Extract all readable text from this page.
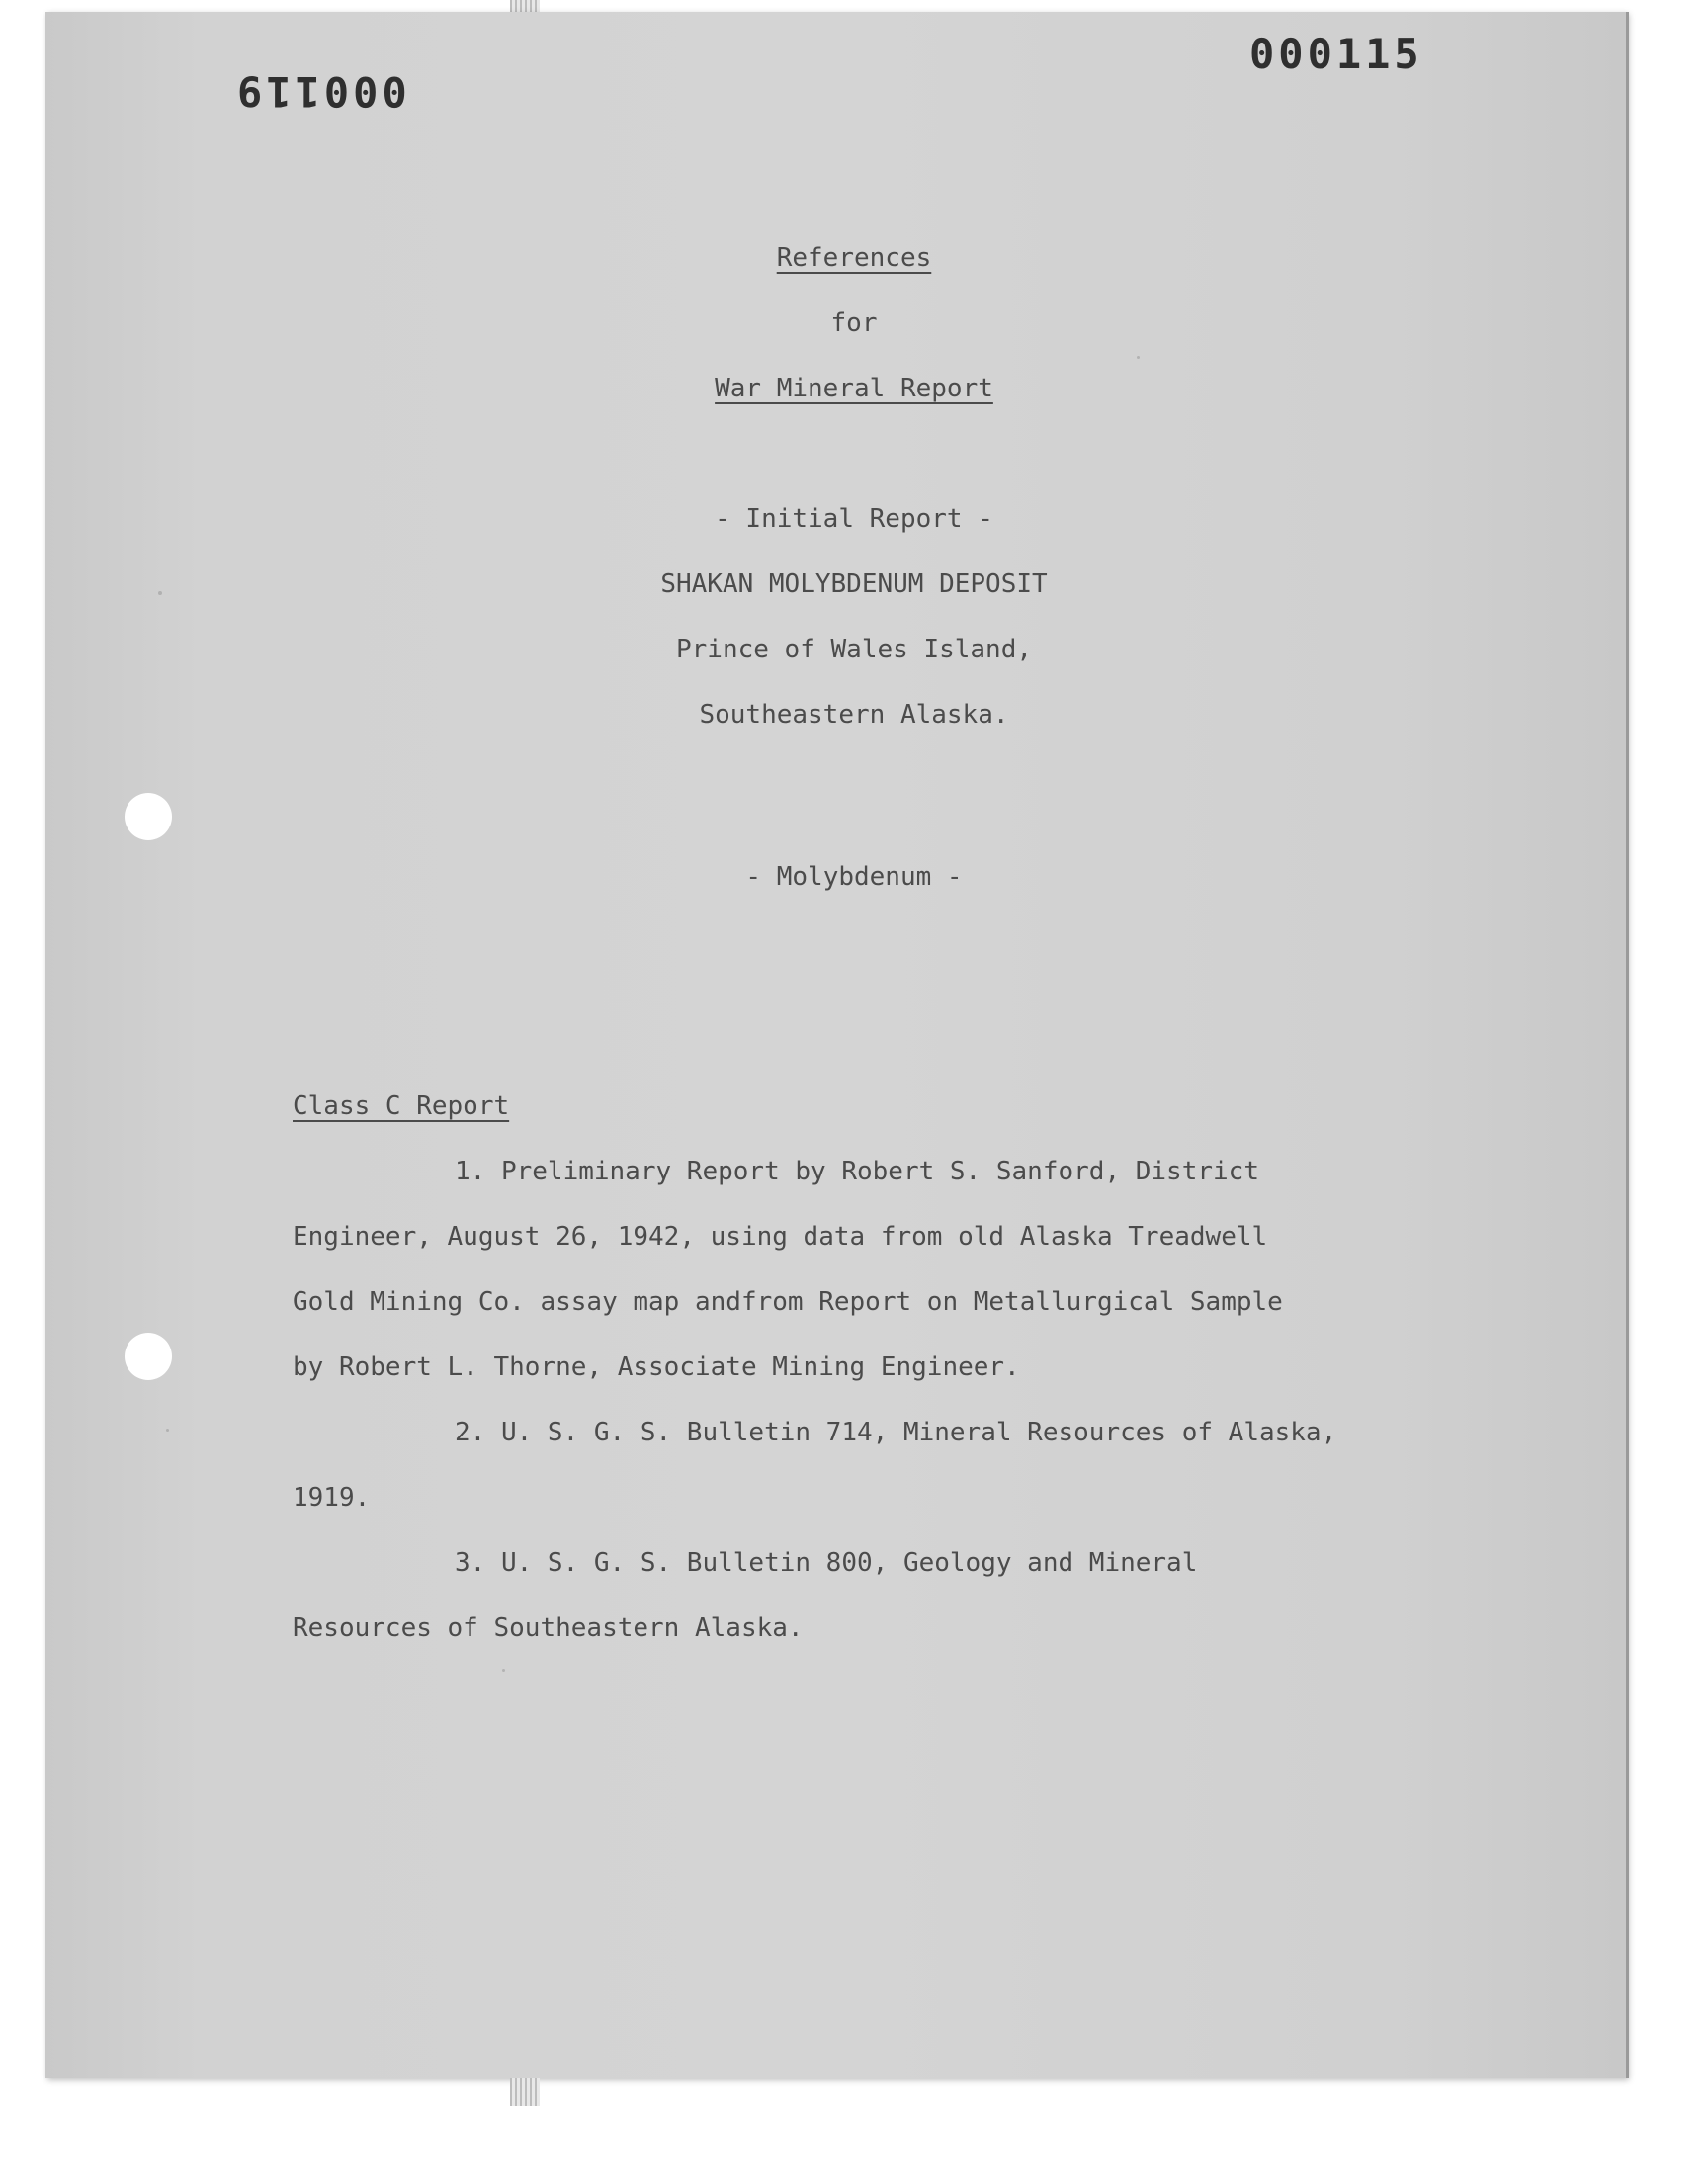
000119
000115
References
for
War Mineral Report
- Initial Report -
SHAKAN MOLYBDENUM DEPOSIT
Prince of Wales Island,
Southeastern Alaska.
- Molybdenum -
Class C Report
1. Preliminary Report by Robert S. Sanford, District
Engineer, August 26, 1942, using data from old Alaska Treadwell
Gold Mining Co. assay map andfrom Report on Metallurgical Sample
by Robert L. Thorne, Associate Mining Engineer.
2. U. S. G. S. Bulletin 714, Mineral Resources of Alaska,
1919.
3. U. S. G. S. Bulletin 800, Geology and Mineral
Resources of Southeastern Alaska.
